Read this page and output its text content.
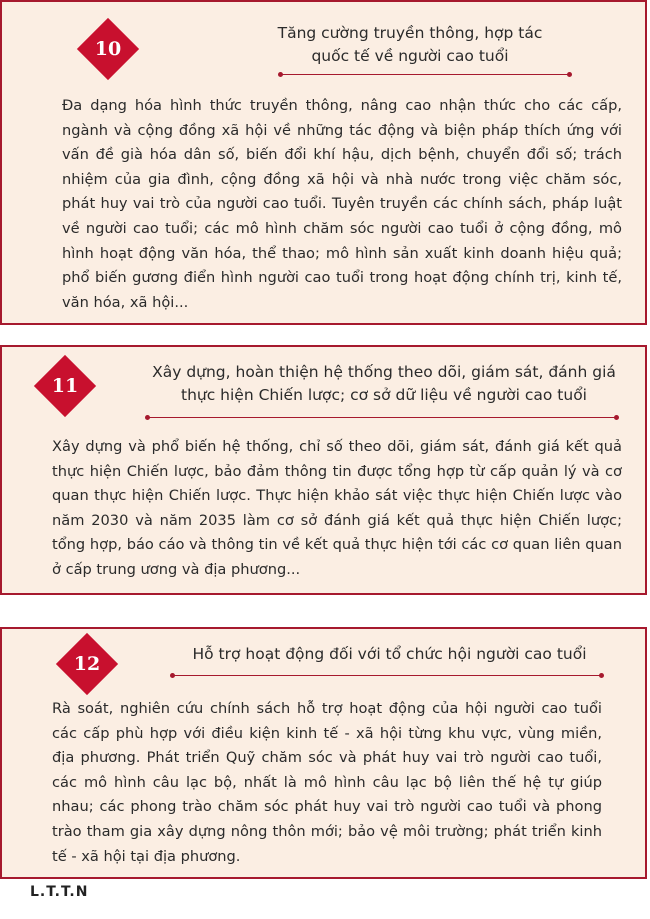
10
Tăng cường truyền thông, hợp tác quốc tế về người cao tuổi

Đa dạng hóa hình thức truyền thông, nâng cao nhận thức cho các cấp, ngành và cộng đồng xã hội về những tác động và biện pháp thích ứng với vấn đề già hóa dân số, biến đổi khí hậu, dịch bệnh, chuyển đổi số; trách nhiệm của gia đình, cộng đồng xã hội và nhà nước trong việc chăm sóc, phát huy vai trò của người cao tuổi. Tuyên truyền các chính sách, pháp luật về người cao tuổi; các mô hình chăm sóc người cao tuổi ở cộng đồng, mô hình hoạt động văn hóa, thể thao; mô hình sản xuất kinh doanh hiệu quả; phổ biến gương điển hình người cao tuổi trong hoạt động chính trị, kinh tế, văn hóa, xã hội...

11
Xây dựng, hoàn thiện hệ thống theo dõi, giám sát, đánh giá thực hiện Chiến lược; cơ sở dữ liệu về người cao tuổi

Xây dựng và phổ biến hệ thống, chỉ số theo dõi, giám sát, đánh giá kết quả thực hiện Chiến lược, bảo đảm thông tin được tổng hợp từ cấp quản lý và cơ quan thực hiện Chiến lược. Thực hiện khảo sát việc thực hiện Chiến lược vào năm 2030 và năm 2035 làm cơ sở đánh giá kết quả thực hiện Chiến lược; tổng hợp, báo cáo và thông tin về kết quả thực hiện tới các cơ quan liên quan ở cấp trung ương và địa phương...

12	Hỗ trợ hoạt động đối với tổ chức hội người cao tuổi

Rà soát, nghiên cứu chính sách hỗ trợ hoạt động của hội người cao tuổi các cấp phù hợp với điều kiện kinh tế - xã hội từng khu vực, vùng miền, địa phương. Phát triển Quỹ chăm sóc và phát huy vai trò người cao tuổi, các mô hình câu lạc bộ, nhất là mô hình câu lạc bộ liên thế hệ tự giúp nhau; các phong trào chăm sóc phát huy vai trò người cao tuổi và phong trào tham gia xây dựng nông thôn mới; bảo vệ môi trường; phát triển kinh tế - xã hội tại địa phương.

L.T.T.N
